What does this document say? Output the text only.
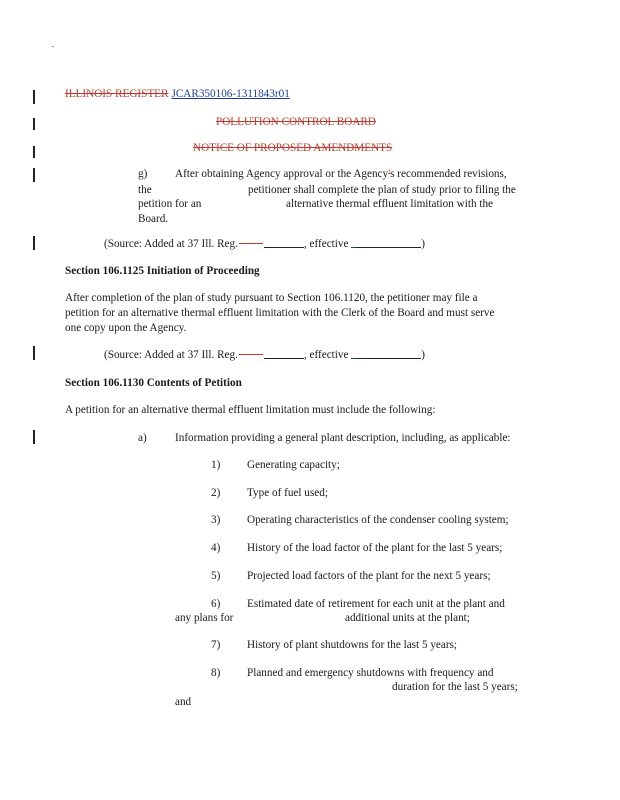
ILLINOIS REGISTER JCAR350106-1311843r01
POLLUTION CONTROL BOARD
NOTICE OF PROPOSED AMENDMENTS
g) After obtaining Agency approval or the Agency's recommended revisions,
the	petitioner shall complete the plan of study prior to filing the
petition for an	alternative thermal effluent limitation with the
Board.
(Source: Added at 37 Ill. Reg.	, effective	)
Section 106.1125 Initiation of Proceeding
After completion of the plan of study pursuant to Section 106.1120, the petitioner may file a
petition for an alternative thermal effluent limitation with the Clerk of the Board and must serve
one copy upon the Agency.
(Source: Added at 37 Ill. Reg.	, effective	)
Section 106.1130 Contents of Petition
A petition for an alternative thermal effluent limitation must include the following:
a)	Information providing a general plant description, including, as applicable:
1) Generating capacity;
2) Type of fuel used;
3) Operating characteristics of the condenser cooling system;
4) History of the load factor of the plant for the last 5 years;
5) Projected load factors of the plant for the next 5 years;
6) Estimated date of retirement for each unit at the plant and
any plans for	additional units at the plant;
7) History of plant shutdowns for the last 5 years;
8) Planned and emergency shutdowns with frequency and
duration for the last 5 years;
and
